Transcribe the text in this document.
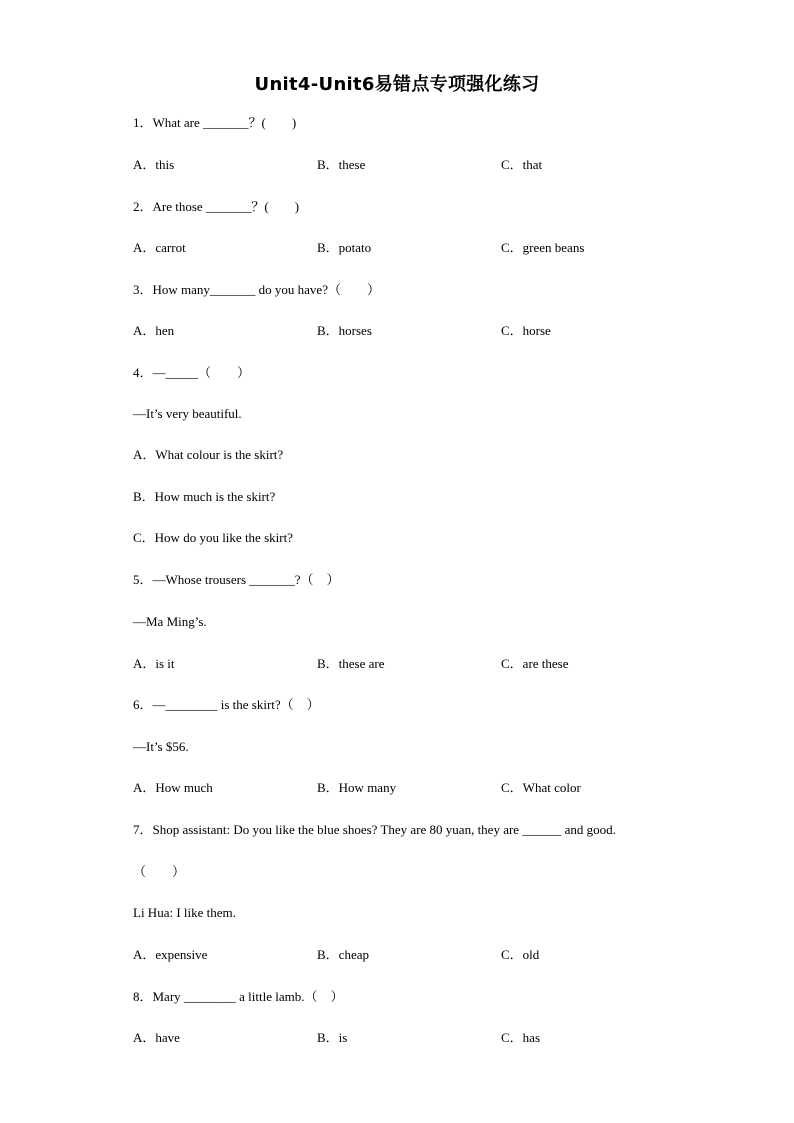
Unit4-Unit6易错点专项强化练习
1．What are _______？(　　)
A．this	B．these	C．that
2．Are those _______？(　　)
A．carrot	B．potato	C．green beans
3．How many_______ do you have?（　　）
A．hen	B．horses	C．horse
4．—_____（　　）
—It’s very beautiful.
A．What colour is the skirt?
B．How much is the skirt?
C．How do you like the skirt?
5．—Whose trousers _______?（　）
—Ma Ming’s.
A．is it	B．these are	C．are these
6．—________ is the skirt?（　）
—It’s $56.
A．How much	B．How many	C．What color
7．Shop assistant: Do you like the blue shoes? They are 80 yuan, they are ______ and good.
（　　）
Li Hua: I like them.
A．expensive	B．cheap	C．old
8．Mary ________ a little lamb.（　）
A．have	B．is	C．has
